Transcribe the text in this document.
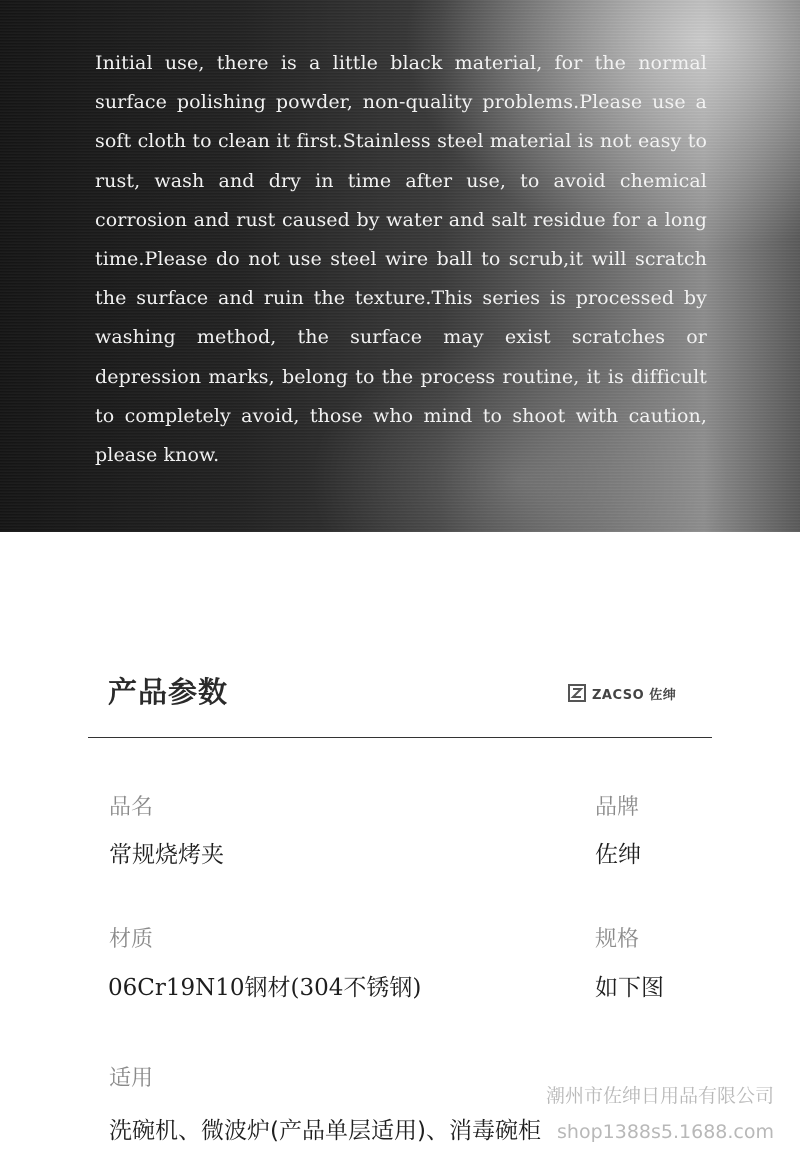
Initial use, there is a little black material, for the normal surface polishing powder, non-quality problems.Please use a soft cloth to clean it first.Stainless steel material is not easy to rust, wash and dry in time after use, to avoid chemical corrosion and rust caused by water and salt residue for a long time.Please do not use steel wire ball to scrub,it will scratch the surface and ruin the texture.This series is processed by washing method, the surface may exist scratches or depression marks, belong to the process routine, it is difficult to completely avoid, those who mind to shoot with caution, please know.

产品参数	ZACSO 佐绅
品名
常规烧烤夹
品牌
佐绅
材质
06Cr19N10钢材(304不锈钢)
规格
如下图
适用
洗碗机、微波炉(产品单层适用)、消毒碗柜
潮州市佐绅日用品有限公司
shop1388s5.1688.com
